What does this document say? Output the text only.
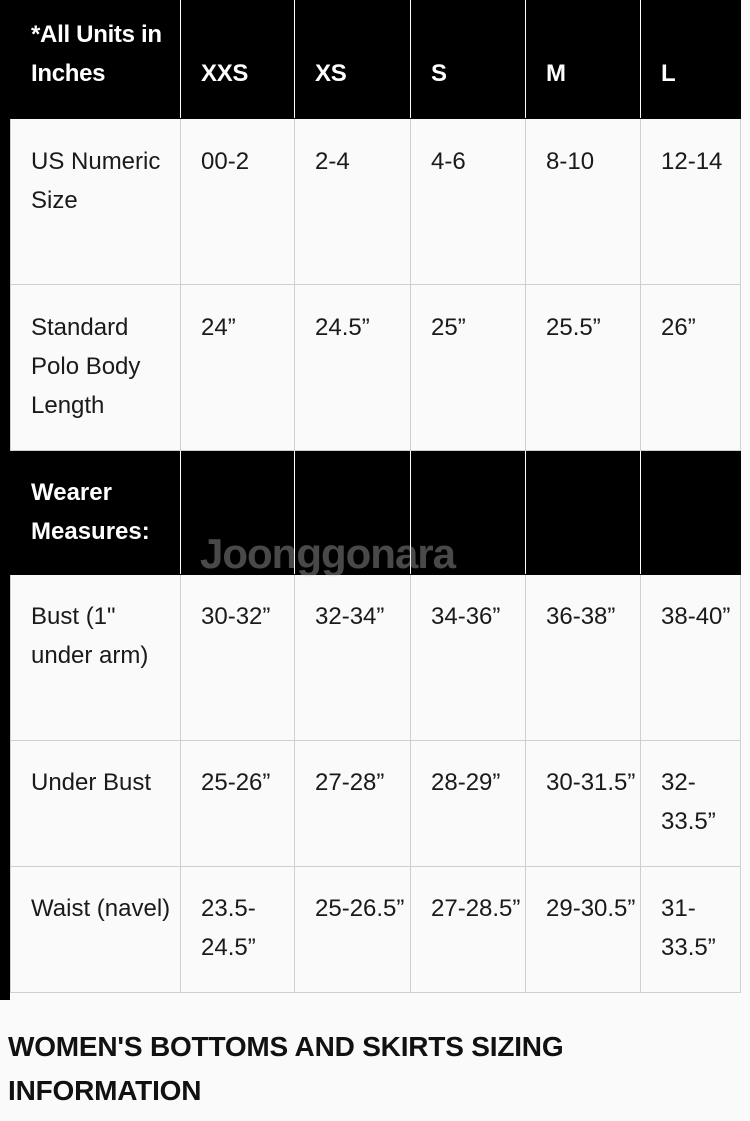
*All Units in Inches	XXS	XS	S	M	L
US Numeric Size	00-2	2-4	4-6	8-10	12-14
Standard Polo Body Length	24”	24.5”	25”	25.5”	26”
Wearer Measures:					
Bust (1" under arm)	30-32”	32-34”	34-36”	36-38”	38-40”
Under Bust	25-26”	27-28”	28-29”	30-31.5”	32-33.5”
Waist (navel)	23.5-24.5”	25-26.5”	27-28.5”	29-30.5”	31-33.5”
Joonggonara
WOMEN'S BOTTOMS AND SKIRTS SIZING INFORMATION
